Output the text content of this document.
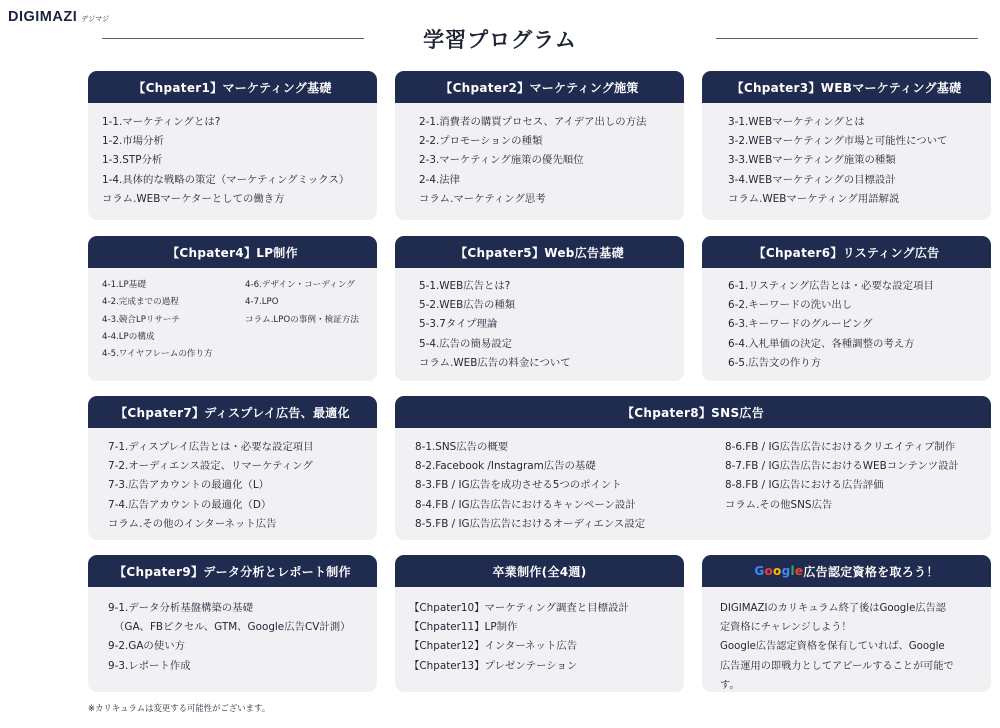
DIGIMAZI デジマジ
学習プログラム
【Chpater1】マーケティング基礎
1-1.マーケティングとは?
1-2.市場分析
1-3.STP分析
1-4.具体的な戦略の策定（マーケティングミックス）
コラム.WEBマーケターとしての働き方
【Chpater2】マーケティング施策
2-1.消費者の購買プロセス、アイデア出しの方法
2-2.プロモーションの種類
2-3.マーケティング施策の優先順位
2-4.法律
コラム.マーケティング思考
【Chpater3】WEBマーケティング基礎
3-1.WEBマーケティングとは
3-2.WEBマーケティング市場と可能性について
3-3.WEBマーケティング施策の種類
3-4.WEBマーケティングの目標設計
コラム.WEBマーケティング用語解説
【Chpater4】LP制作
4-1.LP基礎
4-2.完成までの過程
4-3.競合LPリサーチ
4-4.LPの構成
4-5.ワイヤフレームの作り方
4-6.デザイン・コーディング
4-7.LPO
コラム.LPOの事例・検証方法
【Chpater5】Web広告基礎
5-1.WEB広告とは?
5-2.WEB広告の種類
5-3.7タイプ理論
5-4.広告の簡易設定
コラム.WEB広告の料金について
【Chpater6】リスティング広告
6-1.リスティング広告とは・必要な設定項目
6-2.キーワードの洗い出し
6-3.キーワードのグルーピング
6-4.入札単価の決定、各種調整の考え方
6-5.広告文の作り方
【Chpater7】ディスプレイ広告、最適化
7-1.ディスプレイ広告とは・必要な設定項目
7-2.オーディエンス設定、リマーケティング
7-3.広告アカウントの最適化（L）
7-4.広告アカウントの最適化（D）
コラム.その他のインターネット広告
【Chpater8】SNS広告
8-1.SNS広告の概要
8-2.Facebook /Instagram広告の基礎
8-3.FB / IG広告を成功させる5つのポイント
8-4.FB / IG広告広告におけるキャンペーン設計
8-5.FB / IG広告広告におけるオーディエンス設定
8-6.FB / IG広告広告におけるクリエイティブ制作
8-7.FB / IG広告広告におけるWEBコンテンツ設計
8-8.FB / IG広告における広告評価
コラム.その他SNS広告
【Chpater9】データ分析とレポート制作
9-1.データ分析基盤構築の基礎
（GA、FBピクセル、GTM、Google広告CV計測）
9-2.GAの使い方
9-3.レポート作成
卒業制作(全4週)
【Chpater10】マーケティング調査と目標設計
【Chpater11】LP制作
【Chpater12】インターネット広告
【Chpater13】プレゼンテーション
Google 広告認定資格を取ろう！
DIGIMAZIのカリキュラム終了後はGoogle広告認
定資格にチャレンジしよう！
Google広告認定資格を保有していれば、Google
広告運用の即戦力としてアピールすることが可能で
す。
※カリキュラムは変更する可能性がございます。
